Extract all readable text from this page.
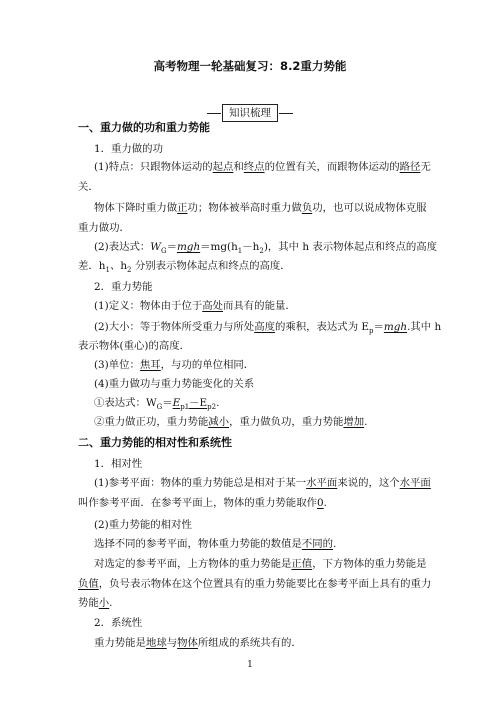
高考物理一轮基础复习：8.2重力势能
知识梳理
一、重力做的功和重力势能
1．重力做的功
(1)特点：只跟物体运动的起点和终点的位置有关，而跟物体运动的路径无
关．
物体下降时重力做正功；物体被举高时重力做负功，也可以说成物体克服
重力做功．
(2)表达式：$W_G=mgh=mg(h_1-h_2)$，其中 h 表示物体起点和终点的高度
差．$h_1$、$h_2$ 分别表示物体起点和终点的高度．
2．重力势能
(1)定义：物体由于位于高处而具有的能量．
(2)大小：等于物体所受重力与所处高度的乘积，表达式为 $E_p=mgh$.其中 h
表示物体(重心)的高度．
(3)单位：焦耳，与功的单位相同．
(4)重力做功与重力势能变化的关系
①表达式：$W_G=E_{p1}-E_{p2}$.
②重力做正功，重力势能减小，重力做负功，重力势能增加.
二、重力势能的相对性和系统性
1．相对性
(1)参考平面：物体的重力势能总是相对于某一水平面来说的，这个水平面
叫作参考平面．在参考平面上，物体的重力势能取作0.
(2)重力势能的相对性
选择不同的参考平面，物体重力势能的数值是不同的.
对选定的参考平面，上方物体的重力势能是正值，下方物体的重力势能是
负值，负号表示物体在这个位置具有的重力势能要比在参考平面上具有的重力
势能小.
2．系统性
重力势能是地球与物体所组成的系统共有的．
1
